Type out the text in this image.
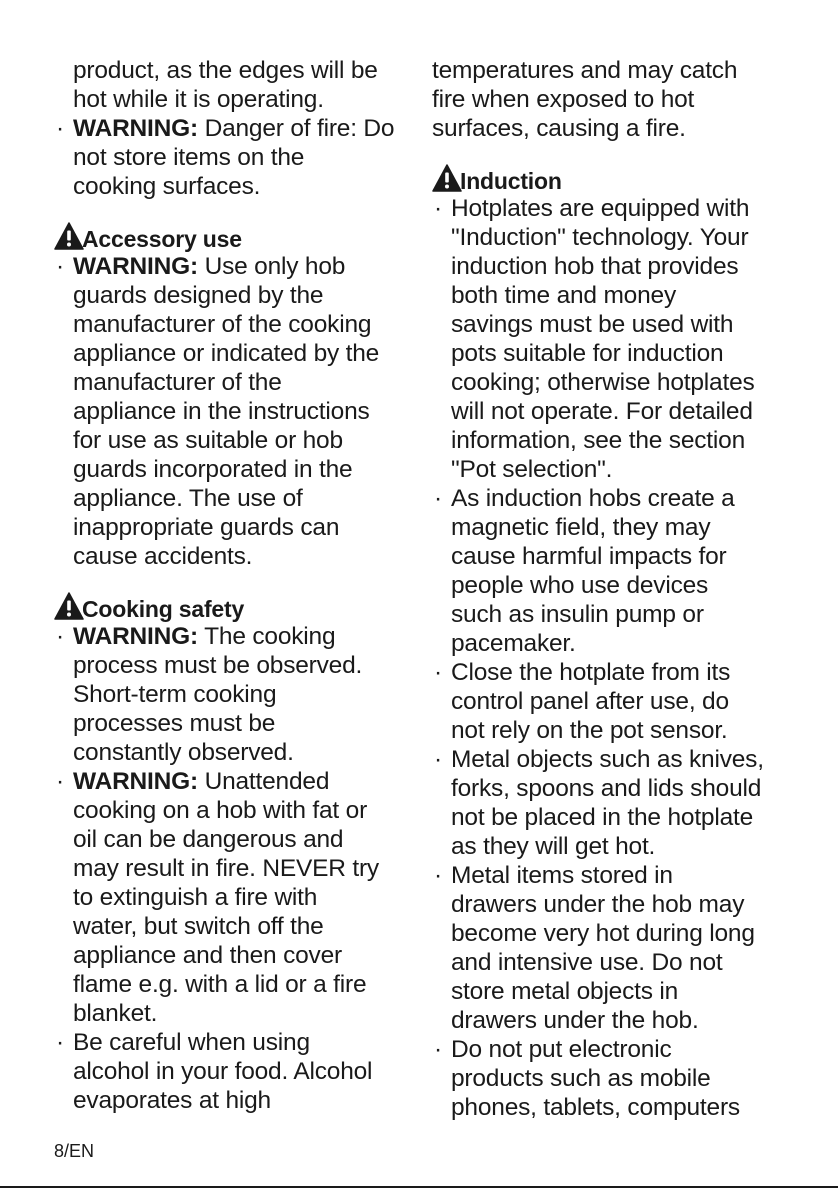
product, as the edges will be
hot while it is operating.
· WARNING: Danger of fire: Do
not store items on the
cooking surfaces.
Accessory use
· WARNING: Use only hob
guards designed by the
manufacturer of the cooking
appliance or indicated by the
manufacturer of the
appliance in the instructions
for use as suitable or hob
guards incorporated in the
appliance. The use of
inappropriate guards can
cause accidents.
Cooking safety
· WARNING: The cooking
process must be observed.
Short-term cooking
processes must be
constantly observed.
· WARNING: Unattended
cooking on a hob with fat or
oil can be dangerous and
may result in fire. NEVER try
to extinguish a fire with
water, but switch off the
appliance and then cover
flame e.g. with a lid or a fire
blanket.
· Be careful when using
alcohol in your food. Alcohol
evaporates at high
temperatures and may catch
fire when exposed to hot
surfaces, causing a fire.
Induction
· Hotplates are equipped with
"Induction" technology. Your
induction hob that provides
both time and money
savings must be used with
pots suitable for induction
cooking; otherwise hotplates
will not operate. For detailed
information, see the section
"Pot selection".
· As induction hobs create a
magnetic field, they may
cause harmful impacts for
people who use devices
such as insulin pump or
pacemaker.
· Close the hotplate from its
control panel after use, do
not rely on the pot sensor.
· Metal objects such as knives,
forks, spoons and lids should
not be placed in the hotplate
as they will get hot.
· Metal items stored in
drawers under the hob may
become very hot during long
and intensive use. Do not
store metal objects in
drawers under the hob.
· Do not put electronic
products such as mobile
phones, tablets, computers
8/EN
